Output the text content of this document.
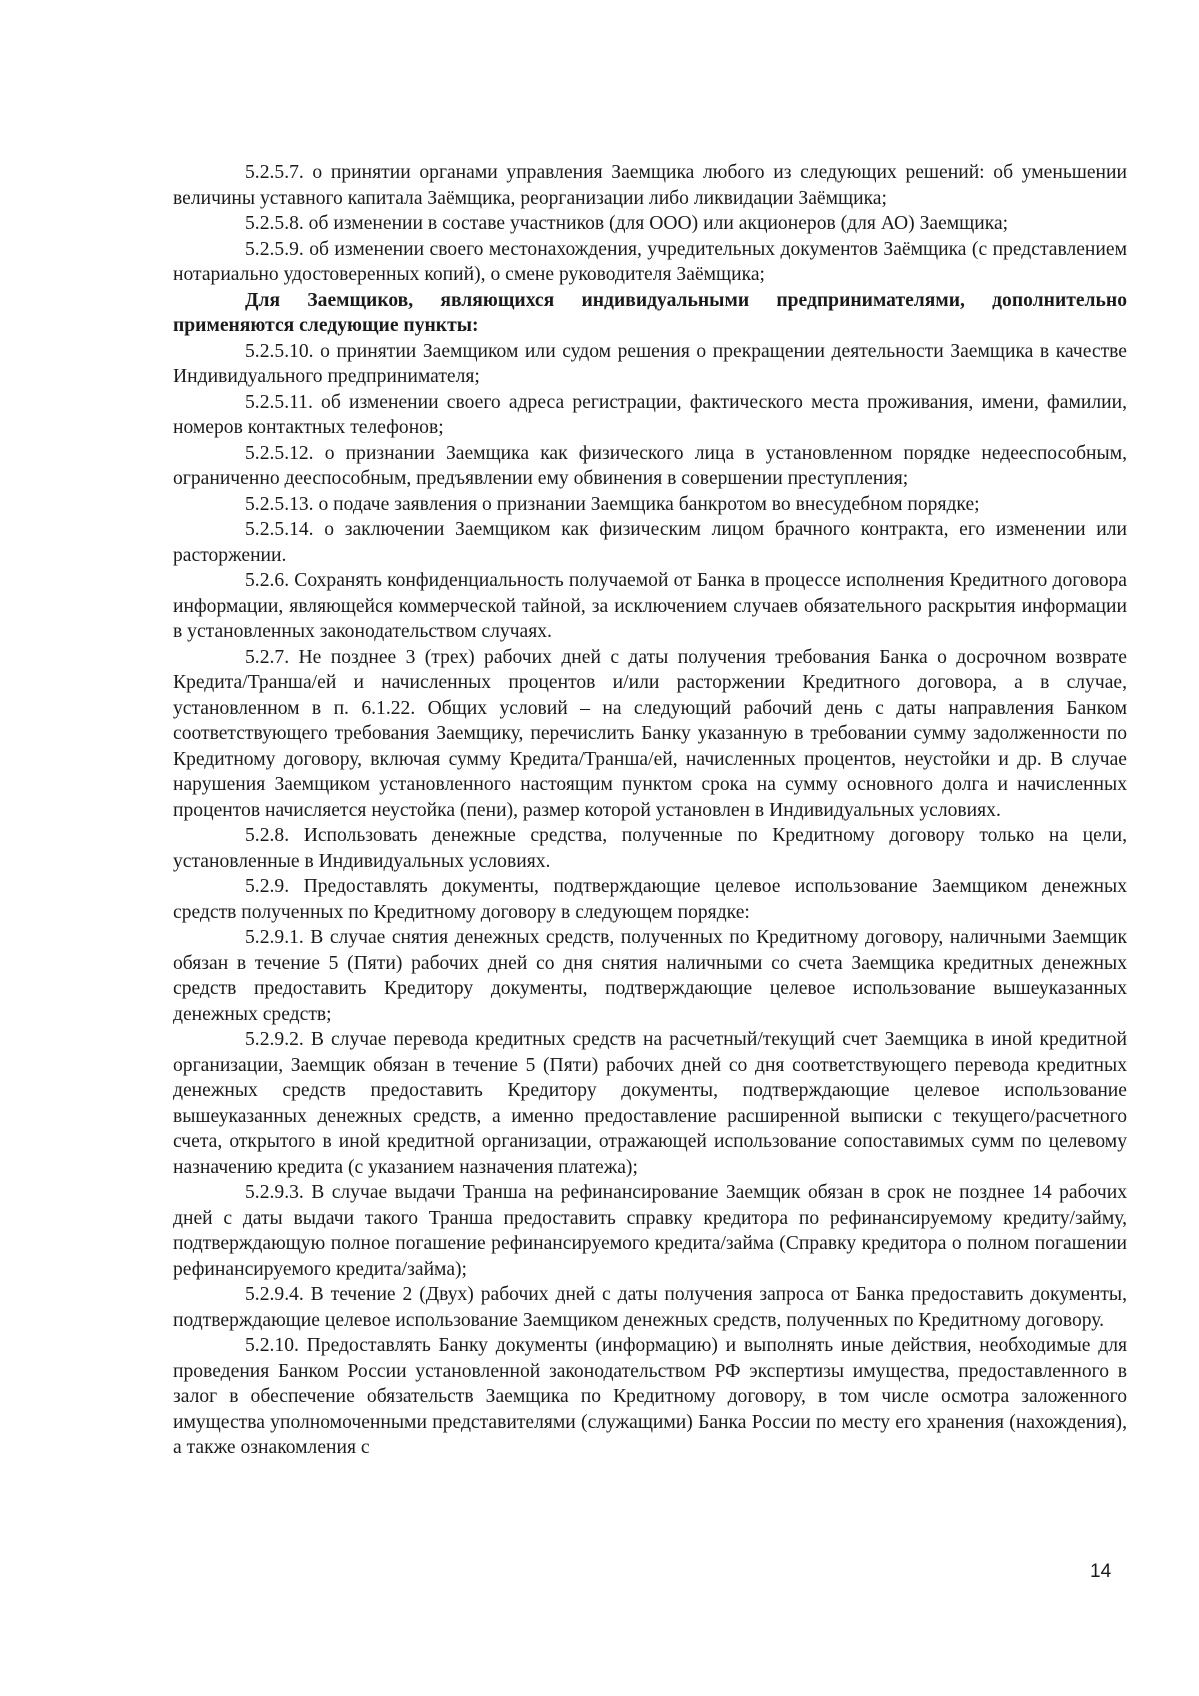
5.2.5.7. о принятии органами управления Заемщика любого из следующих решений: об уменьшении величины уставного капитала Заёмщика, реорганизации либо ликвидации Заёмщика;

5.2.5.8. об изменении в составе участников (для ООО) или акционеров (для АО) Заемщика;

5.2.5.9. об изменении своего местонахождения, учредительных документов Заёмщика (с представлением нотариально удостоверенных копий), о смене руководителя Заёмщика;

Для Заемщиков, являющихся индивидуальными предпринимателями, дополнительно применяются следующие пункты:

5.2.5.10. о принятии Заемщиком или судом решения о прекращении деятельности Заемщика в качестве Индивидуального предпринимателя;

5.2.5.11. об изменении своего адреса регистрации, фактического места проживания, имени, фамилии, номеров контактных телефонов;

5.2.5.12. о признании Заемщика как физического лица в установленном порядке недееспособным, ограниченно дееспособным, предъявлении ему обвинения в совершении преступления;

5.2.5.13. о подаче заявления о признании Заемщика банкротом во внесудебном порядке;

5.2.5.14. о заключении Заемщиком как физическим лицом брачного контракта, его изменении или расторжении.

5.2.6. Сохранять конфиденциальность получаемой от Банка в процессе исполнения Кредитного договора информации, являющейся коммерческой тайной, за исключением случаев обязательного раскрытия информации в установленных законодательством случаях.

5.2.7. Не позднее 3 (трех) рабочих дней с даты получения требования Банка о досрочном возврате Кредита/Транша/ей и начисленных процентов и/или расторжении Кредитного договора, а в случае, установленном в п. 6.1.22. Общих условий – на следующий рабочий день с даты направления Банком соответствующего требования Заемщику, перечислить Банку указанную в требовании сумму задолженности по Кредитному договору, включая сумму Кредита/Транша/ей, начисленных процентов, неустойки и др. В случае нарушения Заемщиком установленного настоящим пунктом срока на сумму основного долга и начисленных процентов начисляется неустойка (пени), размер которой установлен в Индивидуальных условиях.

5.2.8. Использовать денежные средства, полученные по Кредитному договору только на цели, установленные в Индивидуальных условиях.

5.2.9. Предоставлять документы, подтверждающие целевое использование Заемщиком денежных средств полученных по Кредитному договору в следующем порядке:

5.2.9.1. В случае снятия денежных средств, полученных по Кредитному договору, наличными Заемщик обязан в течение 5 (Пяти) рабочих дней со дня снятия наличными со счета Заемщика кредитных денежных средств предоставить Кредитору документы, подтверждающие целевое использование вышеуказанных денежных средств;

5.2.9.2. В случае перевода кредитных средств на расчетный/текущий счет Заемщика в иной кредитной организации, Заемщик обязан в течение 5 (Пяти) рабочих дней со дня соответствующего перевода кредитных денежных средств предоставить Кредитору документы, подтверждающие целевое использование вышеуказанных денежных средств, а именно предоставление расширенной выписки с текущего/расчетного счета, открытого в иной кредитной организации, отражающей использование сопоставимых сумм по целевому назначению кредита (с указанием назначения платежа);

5.2.9.3. В случае выдачи Транша на рефинансирование Заемщик обязан в срок не позднее 14 рабочих дней с даты выдачи такого Транша предоставить справку кредитора по рефинансируемому кредиту/займу, подтверждающую полное погашение рефинансируемого кредита/займа (Справку кредитора о полном погашении рефинансируемого кредита/займа);

5.2.9.4. В течение 2 (Двух) рабочих дней с даты получения запроса от Банка предоставить документы, подтверждающие целевое использование Заемщиком денежных средств, полученных по Кредитному договору.

5.2.10. Предоставлять Банку документы (информацию) и выполнять иные действия, необходимые для проведения Банком России установленной законодательством РФ экспертизы имущества, предоставленного в залог в обеспечение обязательств Заемщика по Кредитному договору, в том числе осмотра заложенного имущества уполномоченными представителями (служащими) Банка России по месту его хранения (нахождения), а также ознакомления с

14
